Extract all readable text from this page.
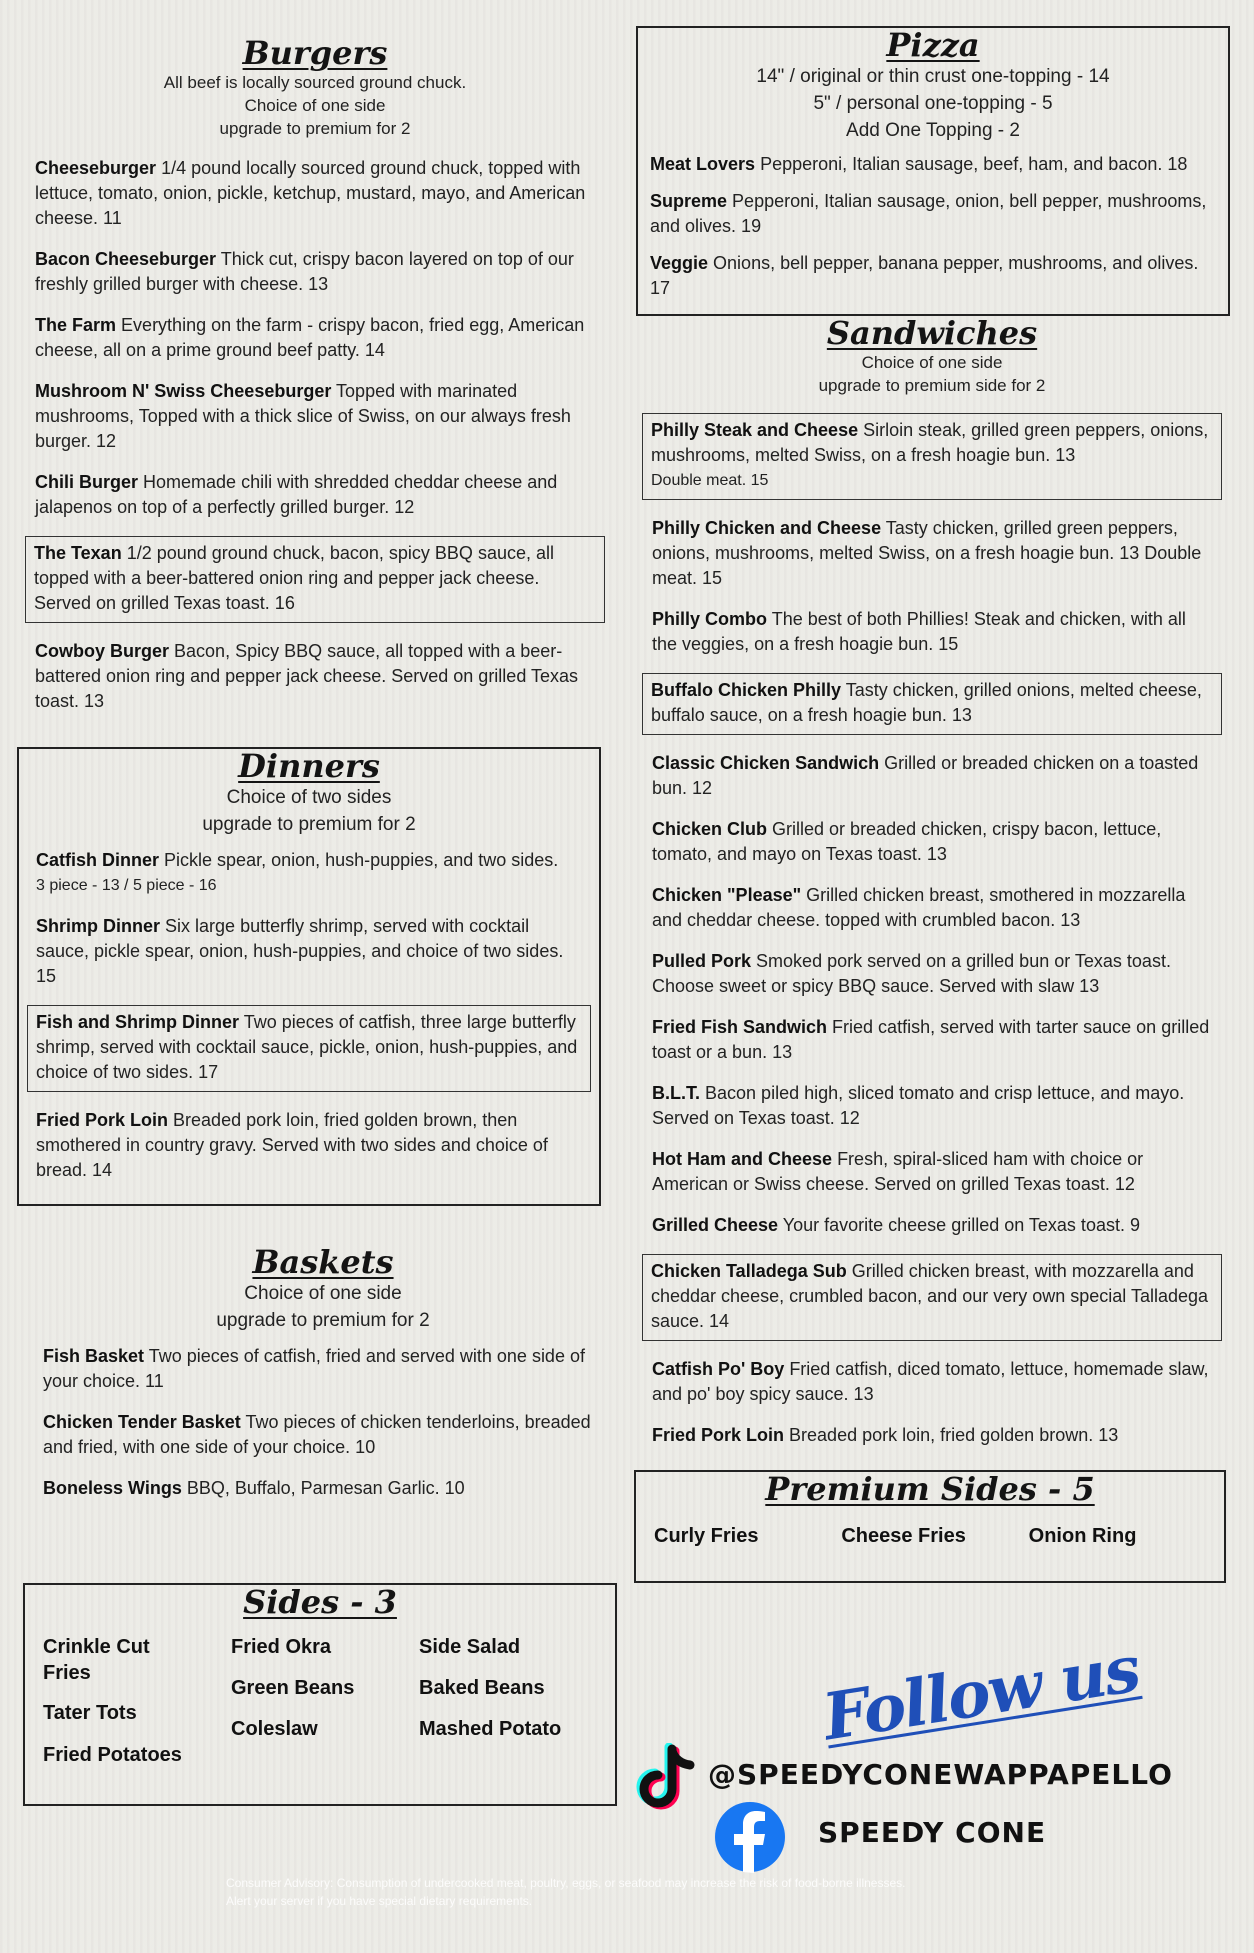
Burgers
All beef is locally sourced ground chuck.
Choice of one side
upgrade to premium for 2
Cheeseburger 1/4 pound locally sourced ground chuck, topped with lettuce, tomato, onion, pickle, ketchup, mustard, mayo, and American cheese. 11
Bacon Cheeseburger Thick cut, crispy bacon layered on top of our freshly grilled burger with cheese. 13
The Farm Everything on the farm - crispy bacon, fried egg, American cheese, all on a prime ground beef patty. 14
Mushroom N' Swiss Cheeseburger Topped with marinated mushrooms, Topped with a thick slice of Swiss, on our always fresh burger. 12
Chili Burger Homemade chili with shredded cheddar cheese and jalapenos on top of a perfectly grilled burger. 12
The Texan 1/2 pound ground chuck, bacon, spicy BBQ sauce, all topped with a beer-battered onion ring and pepper jack cheese. Served on grilled Texas toast. 16
Cowboy Burger Bacon, Spicy BBQ sauce, all topped with a beer-battered onion ring and pepper jack cheese. Served on grilled Texas toast. 13
Dinners
Choice of two sides
upgrade to premium for 2
Catfish Dinner Pickle spear, onion, hush-puppies, and two sides.
3 piece - 13 / 5 piece - 16
Shrimp Dinner Six large butterfly shrimp, served with cocktail sauce, pickle spear, onion, hush-puppies, and choice of two sides. 15
Fish and Shrimp Dinner Two pieces of catfish, three large butterfly shrimp, served with cocktail sauce, pickle, onion, hush-puppies, and choice of two sides. 17
Fried Pork Loin Breaded pork loin, fried golden brown, then smothered in country gravy. Served with two sides and choice of bread. 14
Baskets
Choice of one side
upgrade to premium for 2
Fish Basket Two pieces of catfish, fried and served with one side of your choice. 11
Chicken Tender Basket Two pieces of chicken tenderloins, breaded and fried, with one side of your choice. 10
Boneless Wings BBQ, Buffalo, Parmesan Garlic. 10
Sides - 3
Crinkle Cut Fries
Tater Tots
Fried Potatoes
Fried Okra
Green Beans
Coleslaw
Side Salad
Baked Beans
Mashed Potato
Pizza
14" / original or thin crust one-topping - 14
5" / personal one-topping - 5
Add One Topping - 2
Meat Lovers Pepperoni, Italian sausage, beef, ham, and bacon. 18
Supreme Pepperoni, Italian sausage, onion, bell pepper, mushrooms, and olives. 19
Veggie Onions, bell pepper, banana pepper, mushrooms, and olives. 17
Sandwiches
Choice of one side
upgrade to premium side for 2
Philly Steak and Cheese Sirloin steak, grilled green peppers, onions, mushrooms, melted Swiss, on a fresh hoagie bun. 13
Double meat. 15
Philly Chicken and Cheese Tasty chicken, grilled green peppers, onions, mushrooms, melted Swiss, on a fresh hoagie bun. 13 Double meat. 15
Philly Combo The best of both Phillies! Steak and chicken, with all the veggies, on a fresh hoagie bun. 15
Buffalo Chicken Philly Tasty chicken, grilled onions, melted cheese, buffalo sauce, on a fresh hoagie bun. 13
Classic Chicken Sandwich Grilled or breaded chicken on a toasted bun. 12
Chicken Club Grilled or breaded chicken, crispy bacon, lettuce, tomato, and mayo on Texas toast. 13
Chicken "Please" Grilled chicken breast, smothered in mozzarella and cheddar cheese. topped with crumbled bacon. 13
Pulled Pork Smoked pork served on a grilled bun or Texas toast. Choose sweet or spicy BBQ sauce. Served with slaw 13
Fried Fish Sandwich Fried catfish, served with tarter sauce on grilled toast or a bun. 13
B.L.T. Bacon piled high, sliced tomato and crisp lettuce, and mayo. Served on Texas toast. 12
Hot Ham and Cheese Fresh, spiral-sliced ham with choice or American or Swiss cheese. Served on grilled Texas toast. 12
Grilled Cheese Your favorite cheese grilled on Texas toast. 9
Chicken Talladega Sub Grilled chicken breast, with mozzarella and cheddar cheese, crumbled bacon, and our very own special Talladega sauce. 14
Catfish Po' Boy Fried catfish, diced tomato, lettuce, homemade slaw, and po' boy spicy sauce. 13
Fried Pork Loin Breaded pork loin, fried golden brown. 13
Premium Sides - 5
Curly Fries	Cheese Fries	Onion Ring
Follow us
@SPEEDYCONEWAPPAPELLO
SPEEDY CONE
Consumer Advisory: Consumption of undercooked meat, poultry, eggs, or seafood may increase the risk of food-borne illnesses.
Alert your server if you have special dietary requirements.
